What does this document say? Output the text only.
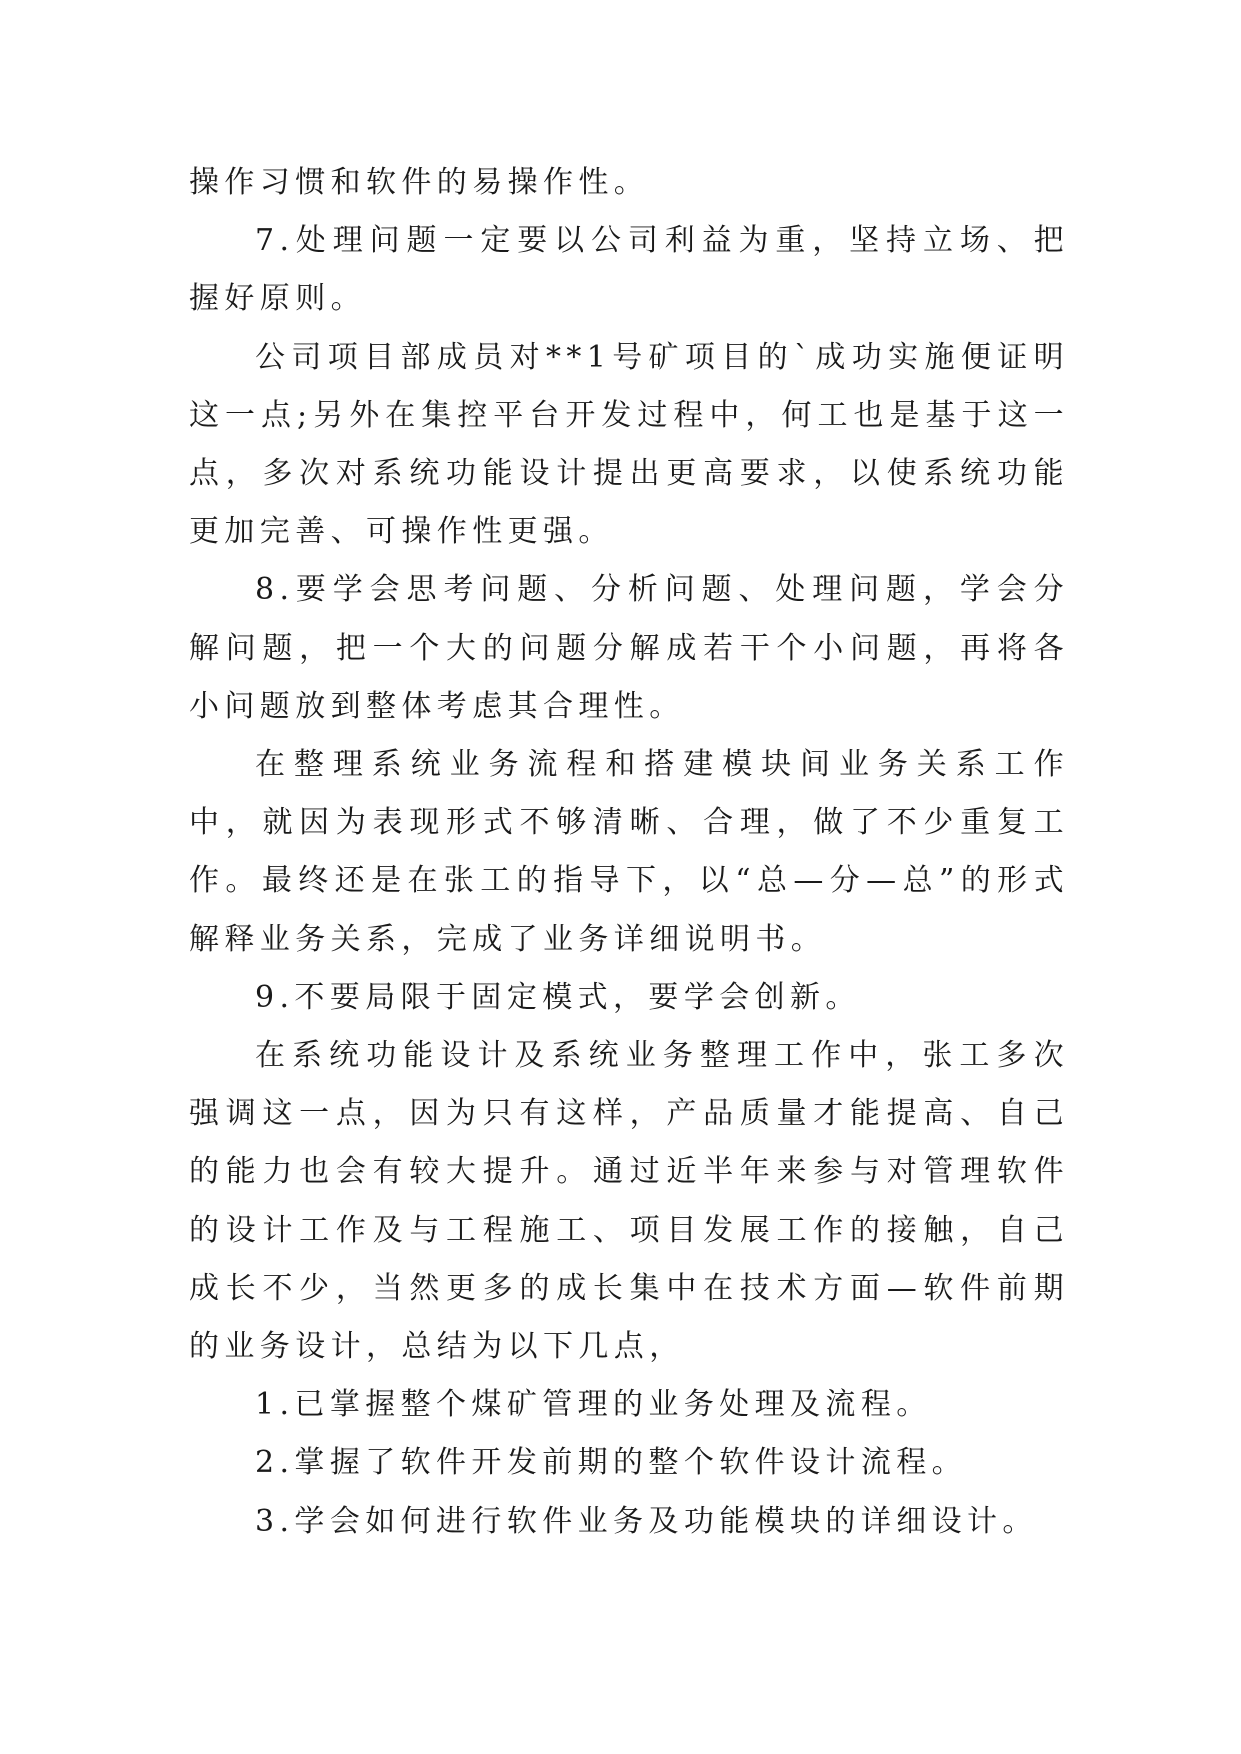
操作习惯和软件的易操作性。

7.处理问题一定要以公司利益为重，坚持立场、把握好原则。

公司项目部成员对**1号矿项目的`成功实施便证明这一点;另外在集控平台开发过程中，何工也是基于这一点，多次对系统功能设计提出更高要求，以使系统功能更加完善、可操作性更强。

8.要学会思考问题、分析问题、处理问题，学会分解问题，把一个大的问题分解成若干个小问题，再将各小问题放到整体考虑其合理性。

在整理系统业务流程和搭建模块间业务关系工作中，就因为表现形式不够清晰、合理，做了不少重复工作。最终还是在张工的指导下，以“总—分—总”的形式解释业务关系，完成了业务详细说明书。

9.不要局限于固定模式，要学会创新。

在系统功能设计及系统业务整理工作中，张工多次强调这一点，因为只有这样，产品质量才能提高、自己的能力也会有较大提升。通过近半年来参与对管理软件的设计工作及与工程施工、项目发展工作的接触，自己成长不少，当然更多的成长集中在技术方面—软件前期的业务设计，总结为以下几点，

1.已掌握整个煤矿管理的业务处理及流程。

2.掌握了软件开发前期的整个软件设计流程。

3.学会如何进行软件业务及功能模块的详细设计。
